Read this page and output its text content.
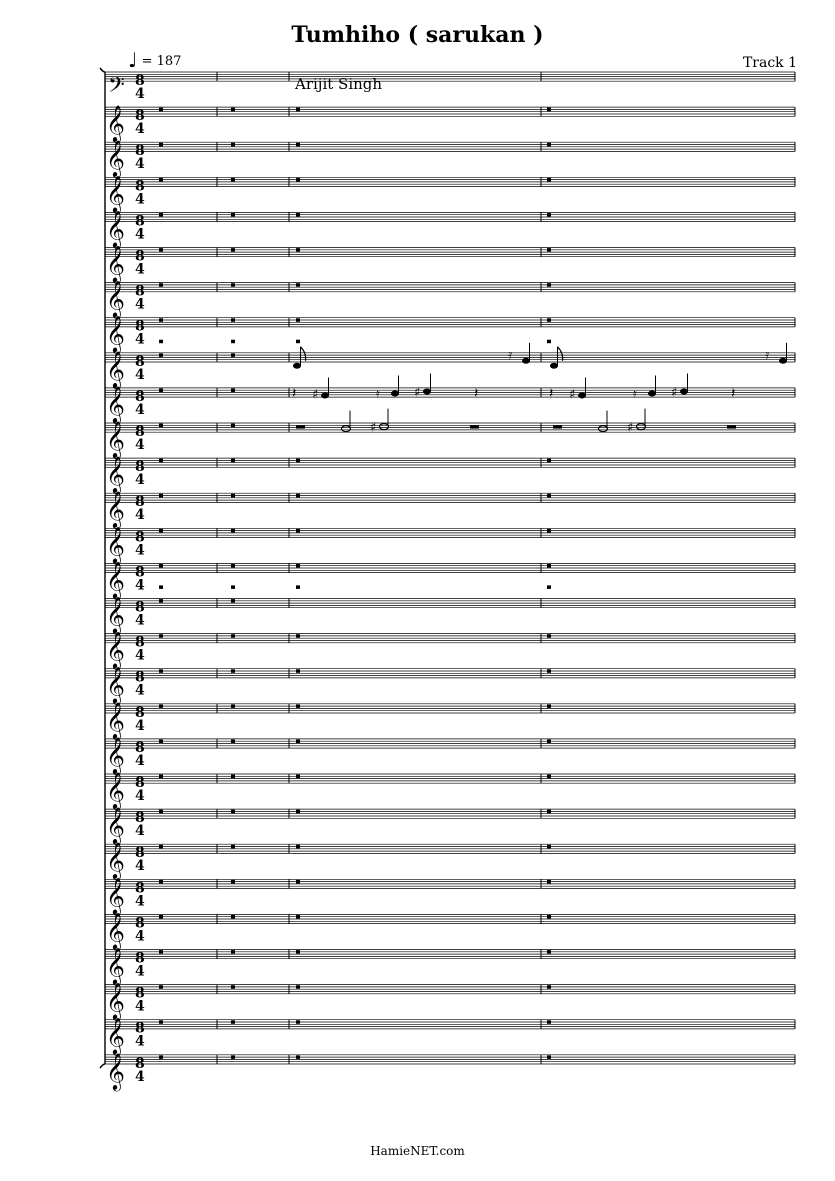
Tumhiho ( sarukan )
Track 1
Arijit Singh
♩ = 187
𝄢 8
4
𝄞 8
4
𝄞 8
4
𝄞 8
4
𝄞 8
4
𝄞 8
4
𝄞 8
4
𝄞 8
4
𝄞 8
4
𝄿	𝄿
𝄞 8
4
𝄽 ♯	𝄿	♯	𝄽	𝄽 ♯	𝄿	♯	𝄽
𝄞 8
4
♯	♯
𝄞 8
4
𝄞 8
4
𝄞 8
4
𝄞 8
4
𝄞 8
4
𝄞 8
4
𝄞 8
4
𝄞 8
4
𝄞 8
4
𝄞 8
4
𝄞 8
4
𝄞 8
4
𝄞 8
4
𝄞 8
4
𝄞 8
4
𝄞 8
4
𝄞 8
4
𝄞 8
4
HamieNET.com
